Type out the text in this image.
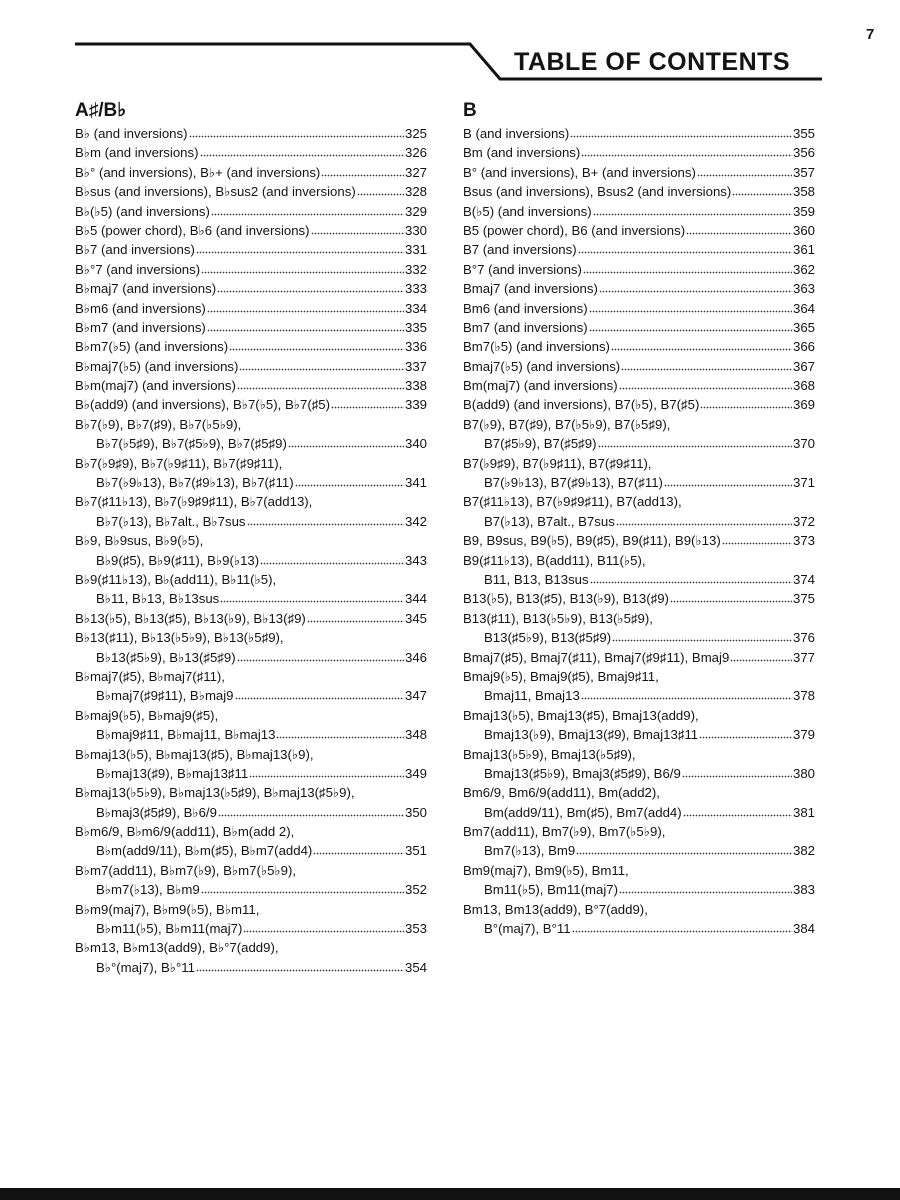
7
TABLE OF CONTENTS
A♯/B♭
B♭ (and inversions)	325
B♭m (and inversions)	326
B♭° (and inversions), B♭+ (and inversions)	327
B♭sus (and inversions), B♭sus2 (and inversions)	328
B♭(♭5) (and inversions)	329
B♭5 (power chord), B♭6 (and inversions)	330
B♭7 (and inversions)	331
B♭°7 (and inversions)	332
B♭maj7 (and inversions)	333
B♭m6 (and inversions)	334
B♭m7 (and inversions)	335
B♭m7(♭5) (and inversions)	336
B♭maj7(♭5) (and inversions)	337
B♭m(maj7) (and inversions)	338
B♭(add9) (and inversions), B♭7(♭5), B♭7(♯5)	339
B♭7(♭9), B♭7(♯9), B♭7(♭5♭9),
B♭7(♭5♯9), B♭7(♯5♭9), B♭7(♯5♯9)	340
B♭7(♭9♯9), B♭7(♭9♯11), B♭7(♯9♯11),
B♭7(♭9♭13), B♭7(♯9♭13), B♭7(♯11)	341
B♭7(♯11♭13), B♭7(♭9♯9♯11), B♭7(add13),
B♭7(♭13), B♭7alt., B♭7sus	342
B♭9, B♭9sus, B♭9(♭5),
B♭9(♯5), B♭9(♯11), B♭9(♭13)	343
B♭9(♯11♭13), B♭(add11), B♭11(♭5),
B♭11, B♭13, B♭13sus	344
B♭13(♭5), B♭13(♯5), B♭13(♭9), B♭13(♯9)	345
B♭13(♯11), B♭13(♭5♭9), B♭13(♭5♯9),
B♭13(♯5♭9), B♭13(♯5♯9)	346
B♭maj7(♯5), B♭maj7(♯11),
B♭maj7(♯9♯11), B♭maj9	347
B♭maj9(♭5), B♭maj9(♯5),
B♭maj9♯11, B♭maj11, B♭maj13	348
B♭maj13(♭5), B♭maj13(♯5), B♭maj13(♭9),
B♭maj13(♯9), B♭maj13♯11	349
B♭maj13(♭5♭9), B♭maj13(♭5♯9), B♭maj13(♯5♭9),
B♭maj3(♯5♯9), B♭6/9	350
B♭m6/9, B♭m6/9(add11), B♭m(add 2),
B♭m(add9/11), B♭m(♯5), B♭m7(add4)	351
B♭m7(add11), B♭m7(♭9), B♭m7(♭5♭9),
B♭m7(♭13), B♭m9	352
B♭m9(maj7), B♭m9(♭5), B♭m11,
B♭m11(♭5), B♭m11(maj7)	353
B♭m13, B♭m13(add9), B♭°7(add9),
B♭°(maj7), B♭°11	354
B
B (and inversions)	355
Bm (and inversions)	356
B° (and inversions), B+ (and inversions)	357
Bsus (and inversions), Bsus2 (and inversions)	358
B(♭5) (and inversions)	359
B5 (power chord), B6 (and inversions)	360
B7 (and inversions)	361
B°7 (and inversions)	362
Bmaj7 (and inversions)	363
Bm6 (and inversions)	364
Bm7 (and inversions)	365
Bm7(♭5) (and inversions)	366
Bmaj7(♭5) (and inversions)	367
Bm(maj7) (and inversions)	368
B(add9) (and inversions), B7(♭5), B7(♯5)	369
B7(♭9), B7(♯9), B7(♭5♭9), B7(♭5♯9),
B7(♯5♭9), B7(♯5♯9)	370
B7(♭9♯9), B7(♭9♯11), B7(♯9♯11),
B7(♭9♭13), B7(♯9♭13), B7(♯11)	371
B7(♯11♭13), B7(♭9♯9♯11), B7(add13),
B7(♭13), B7alt., B7sus	372
B9, B9sus, B9(♭5), B9(♯5), B9(♯11), B9(♭13)	373
B9(♯11♭13), B(add11), B11(♭5),
B11, B13, B13sus	374
B13(♭5), B13(♯5), B13(♭9), B13(♯9)	375
B13(♯11), B13(♭5♭9), B13(♭5♯9),
B13(♯5♭9), B13(♯5♯9)	376
Bmaj7(♯5), Bmaj7(♯11), Bmaj7(♯9♯11), Bmaj9	377
Bmaj9(♭5), Bmaj9(♯5), Bmaj9♯11,
Bmaj11, Bmaj13	378
Bmaj13(♭5), Bmaj13(♯5), Bmaj13(add9),
Bmaj13(♭9), Bmaj13(♯9), Bmaj13♯11	379
Bmaj13(♭5♭9), Bmaj13(♭5♯9),
Bmaj13(♯5♭9), Bmaj3(♯5♯9), B6/9	380
Bm6/9, Bm6/9(add11), Bm(add2),
Bm(add9/11), Bm(♯5), Bm7(add4)	381
Bm7(add11), Bm7(♭9), Bm7(♭5♭9),
Bm7(♭13), Bm9	382
Bm9(maj7), Bm9(♭5), Bm11,
Bm11(♭5), Bm11(maj7)	383
Bm13, Bm13(add9), B°7(add9),
B°(maj7), B°11	384
